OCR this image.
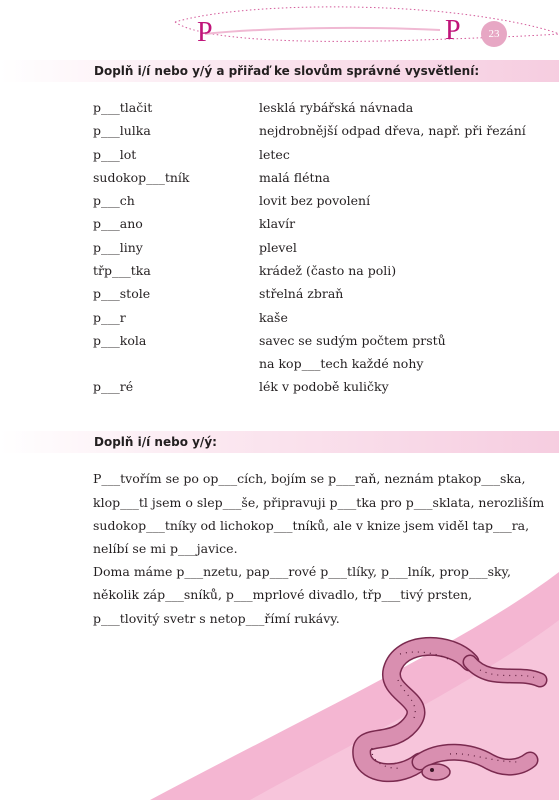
P	P	23
Doplň i/í nebo y/ý a přiřaď ke slovům správné vysvětlení:
p___tlačit	lesklá rybářská návnada
p___lulka	nejdrobnější odpad dřeva, např. při řezání
p___lot	letec
sudokop___tník	malá flétna
p___ch	lovit bez povolení
p___ano	klavír
p___liny	plevel
třp___tka	krádež (často na poli)
p___stole	střelná zbraň
p___r	kaše
p___kola	savec se sudým počtem prstů
na kop___tech každé nohy
p___ré	lék v podobě kuličky
Doplň i/í nebo y/ý:
P___tvořím se po op___cích, bojím se p___raň, neznám ptakop___ska,
klop___tl jsem o slep___še, připravuji p___tka pro p___sklata, nerozliším
sudokop___tníky od lichokop___tníků, ale v knize jsem viděl tap___ra,
nelíbí se mi p___javice.
Doma máme p___nzetu, pap___rové p___tlíky, p___lník, prop___sky,
několik záp___sníků, p___mprlové divadlo, třp___tivý prsten,
p___tlovitý svetr s netop___římí rukávy.
